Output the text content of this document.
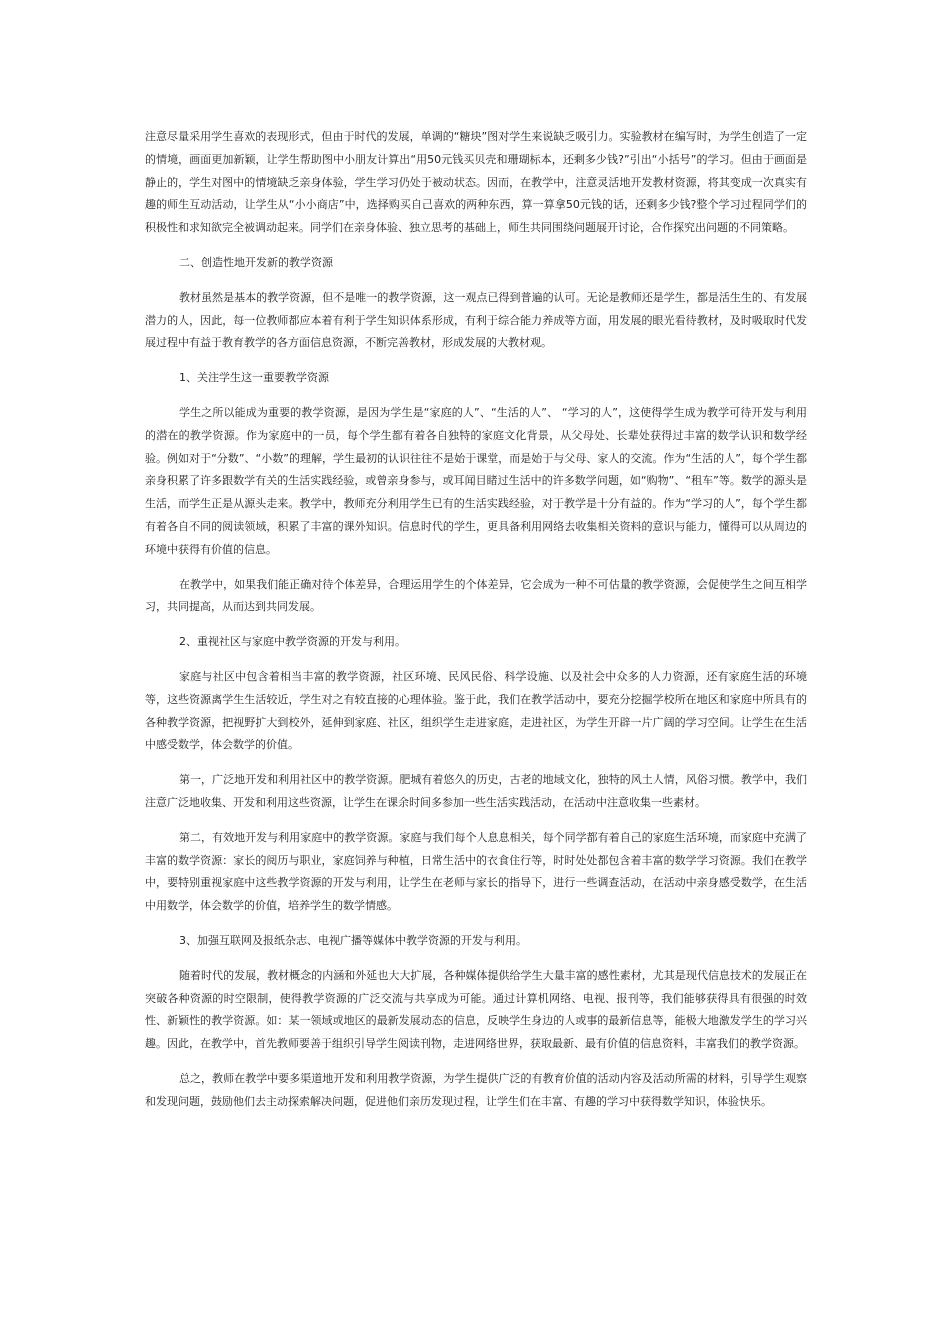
注意尽量采用学生喜欢的表现形式，但由于时代的发展，单调的“糖块”图对学生来说缺乏吸引力。实验教材在编写时，为学生创造了一定的情境，画面更加新颖，让学生帮助图中小朋友计算出“用50元钱买贝壳和珊瑚标本，还剩多少钱?”引出“小括号”的学习。但由于画面是静止的，学生对图中的情境缺乏亲身体验，学生学习仍处于被动状态。因而，在教学中，注意灵活地开发教材资源，将其变成一次真实有趣的师生互动活动，让学生从“小小商店”中，选择购买自己喜欢的两种东西，算一算拿50元钱的话，还剩多少钱?整个学习过程同学们的积极性和求知欲完全被调动起来。同学们在亲身体验、独立思考的基础上，师生共同围绕问题展开讨论，合作探究出问题的不同策略。

二、创造性地开发新的教学资源

教材虽然是基本的教学资源，但不是唯一的教学资源，这一观点已得到普遍的认可。无论是教师还是学生，都是活生生的、有发展潜力的人，因此，每一位教师都应本着有利于学生知识体系形成，有利于综合能力养成等方面，用发展的眼光看待教材，及时吸取时代发展过程中有益于教育教学的各方面信息资源，不断完善教材，形成发展的大教材观。

1、关注学生这一重要教学资源

学生之所以能成为重要的教学资源，是因为学生是“家庭的人”、“生活的人”、 “学习的人”，这使得学生成为教学可待开发与利用的潜在的教学资源。作为家庭中的一员，每个学生都有着各自独特的家庭文化背景，从父母处、长辈处获得过丰富的数学认识和数学经验。例如对于“分数”、“小数”的理解，学生最初的认识往往不是始于课堂，而是始于与父母、家人的交流。作为“生活的人”，每个学生都亲身积累了许多跟数学有关的生活实践经验，或曾亲身参与，或耳闻目睹过生活中的许多数学问题，如“购物”、“租车”等。数学的源头是生活，而学生正是从源头走来。教学中，教师充分利用学生已有的生活实践经验，对于教学是十分有益的。作为“学习的人”，每个学生都有着各自不同的阅读领域，积累了丰富的课外知识。信息时代的学生，更具备利用网络去收集相关资料的意识与能力，懂得可以从周边的环境中获得有价值的信息。

在教学中，如果我们能正确对待个体差异，合理运用学生的个体差异，它会成为一种不可估量的教学资源，会促使学生之间互相学习，共同提高，从而达到共同发展。

2、重视社区与家庭中教学资源的开发与利用。

家庭与社区中包含着相当丰富的教学资源，社区环境、民风民俗、科学设施、以及社会中众多的人力资源，还有家庭生活的环境等，这些资源离学生生活较近，学生对之有较直接的心理体验。鉴于此，我们在教学活动中，要充分挖掘学校所在地区和家庭中所具有的各种教学资源，把视野扩大到校外，延伸到家庭、社区，组织学生走进家庭，走进社区，为学生开辟一片广阔的学习空间。让学生在生活中感受数学，体会数学的价值。

第一，广泛地开发和利用社区中的教学资源。肥城有着悠久的历史，古老的地域文化，独特的风土人情，风俗习惯。教学中，我们注意广泛地收集、开发和利用这些资源，让学生在课余时间多参加一些生活实践活动，在活动中注意收集一些素材。

第二，有效地开发与利用家庭中的教学资源。家庭与我们每个人息息相关，每个同学都有着自己的家庭生活环境，而家庭中充满了丰富的数学资源：家长的阅历与职业，家庭饲养与种植，日常生活中的衣食住行等，时时处处都包含着丰富的数学学习资源。我们在教学中，要特别重视家庭中这些教学资源的开发与利用，让学生在老师与家长的指导下，进行一些调查活动，在活动中亲身感受数学，在生活中用数学，体会数学的价值，培养学生的数学情感。

3、加强互联网及报纸杂志、电视广播等媒体中教学资源的开发与利用。

随着时代的发展，教材概念的内涵和外延也大大扩展，各种媒体提供给学生大量丰富的感性素材，尤其是现代信息技术的发展正在突破各种资源的时空限制，使得教学资源的广泛交流与共享成为可能。通过计算机网络、电视、报刊等，我们能够获得具有很强的时效性、新颖性的教学资源。如：某一领域或地区的最新发展动态的信息，反映学生身边的人或事的最新信息等，能极大地激发学生的学习兴趣。因此，在教学中，首先教师要善于组织引导学生阅读刊物，走进网络世界，获取最新、最有价值的信息资料，丰富我们的教学资源。

总之，教师在教学中要多渠道地开发和利用教学资源，为学生提供广泛的有教育价值的活动内容及活动所需的材料，引导学生观察和发现问题，鼓励他们去主动探索解决问题，促进他们亲历发现过程，让学生们在丰富、有趣的学习中获得数学知识，体验快乐。
